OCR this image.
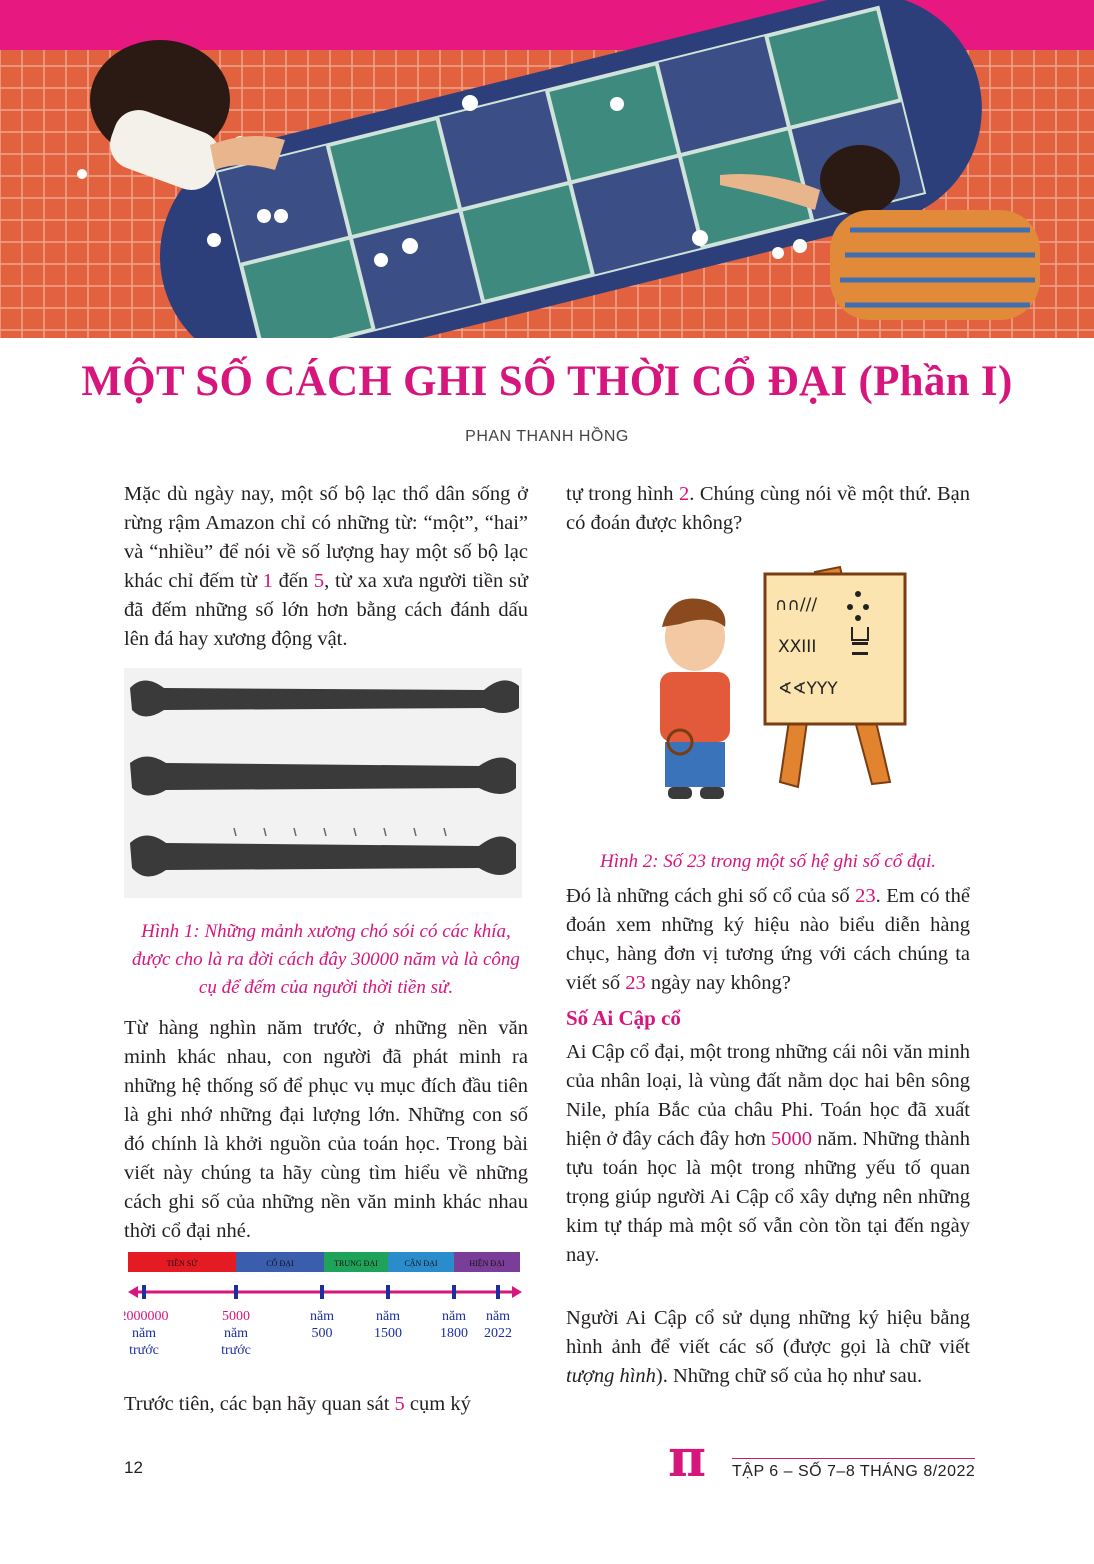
MỘT SỐ CÁCH GHI SỐ THỜI CỔ ĐẠI (Phần I)
PHAN THANH HỒNG
Mặc dù ngày nay, một số bộ lạc thổ dân sống ở rừng rậm Amazon chỉ có những từ: “một”, “hai” và “nhiều” để nói về số lượng hay một số bộ lạc khác chỉ đếm từ 1 đến 5, từ xa xưa người tiền sử đã đếm những số lớn hơn bằng cách đánh dấu lên đá hay xương động vật.
Hình 1: Những mảnh xương chó sói có các khía, được cho là ra đời cách đây 30000 năm và là công cụ để đếm của người thời tiền sử.
Từ hàng nghìn năm trước, ở những nền văn minh khác nhau, con người đã phát minh ra những hệ thống số để phục vụ mục đích đầu tiên là ghi nhớ những đại lượng lớn. Những con số đó chính là khởi nguồn của toán học. Trong bài viết này chúng ta hãy cùng tìm hiểu về những cách ghi số của những nền văn minh khác nhau thời cổ đại nhé.
TIỀN SỬ	CỔ ĐẠI	TRUNG ĐẠI	CẬN ĐẠI	HIỆN ĐẠI
2000000
năm
trước
5000
năm
trước
năm
500
năm
1500
năm
1800
năm
2022
Trước tiên, các bạn hãy quan sát 5 cụm ký
tự trong hình 2. Chúng cùng nói về một thứ. Bạn có đoán được không?
∩∩///
XXIII
∢∢YYY
Hình 2: Số 23 trong một số hệ ghi số cổ đại.
Đó là những cách ghi số cổ của số 23. Em có thể đoán xem những ký hiệu nào biểu diễn hàng chục, hàng đơn vị tương ứng với cách chúng ta viết số 23 ngày nay không?
Số Ai Cập cổ
Ai Cập cổ đại, một trong những cái nôi văn minh của nhân loại, là vùng đất nằm dọc hai bên sông Nile, phía Bắc của châu Phi. Toán học đã xuất hiện ở đây cách đây hơn 5000 năm. Những thành tựu toán học là một trong những yếu tố quan trọng giúp người Ai Cập cổ xây dựng nên những kim tự tháp mà một số vẫn còn tồn tại đến ngày nay.
Người Ai Cập cổ sử dụng những ký hiệu bằng hình ảnh để viết các số (được gọi là chữ viết tượng hình). Những chữ số của họ như sau.
12	π TẬP 6 – SỐ 7–8 THÁNG 8/2022
